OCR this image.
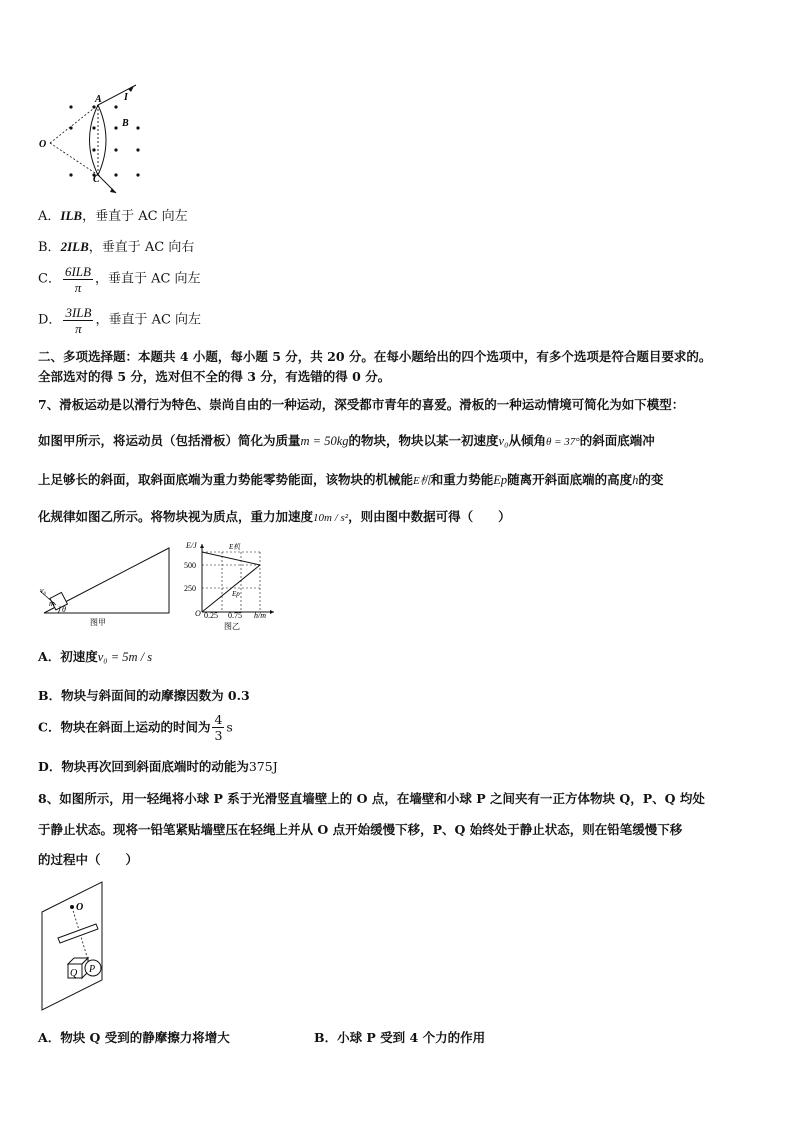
O
A I
B
C
A．ILB，垂直于 AC 向左
B．2ILB，垂直于 AC 向右
C． $\frac{\text{6ILB}}{\pi}$ ，垂直于 AC 向左
D． $\frac{\text{3ILB}}{\pi}$ ，垂直于 AC 向左
二、多项选择题：本题共 4 小题，每小题 5 分，共 20 分。在每小题给出的四个选项中，有多个选项是符合题目要求的。
全部选对的得 5 分，选对但不全的得 3 分，有选错的得 0 分。
7、滑板运动是以滑行为特色、崇尚自由的一种运动，深受都市青年的喜爱。滑板的一种运动情境可简化为如下模型：
如图甲所示，将运动员（包括滑板）简化为质量m = 50kg的物块，物块以某一初速度v₀从倾角θ = 37°的斜面底端冲
上足够长的斜面，取斜面底端为重力势能零势能面，该物块的机械能E机和重力势能Ep随离开斜面底端的高度h的变
化规律如图乙所示。将物块视为质点，重力加速度10m / s²，则由图中数据可得（　　）
v₀
m
θ
图甲
E/J	E机
500
250
Ep
O 0.25 0.75 h/m
图乙
A．初速度v₀ = 5m / s
B．物块与斜面间的动摩擦因数为 0.3
C．物块在斜面上运动的时间为 $\frac{4}{3}$ s
D．物块再次回到斜面底端时的动能为375J
8、如图所示，用一轻绳将小球 P 系于光滑竖直墙壁上的 O 点，在墙壁和小球 P 之间夹有一正方体物块 Q，P、Q 均处
于静止状态。现将一铅笔紧贴墙壁压在轻绳上并从 O 点开始缓慢下移，P、Q 始终处于静止状态，则在铅笔缓慢下移
的过程中（　　）
O
Q P
A．物块 Q 受到的静摩擦力将增大	B．小球 P 受到 4 个力的作用
